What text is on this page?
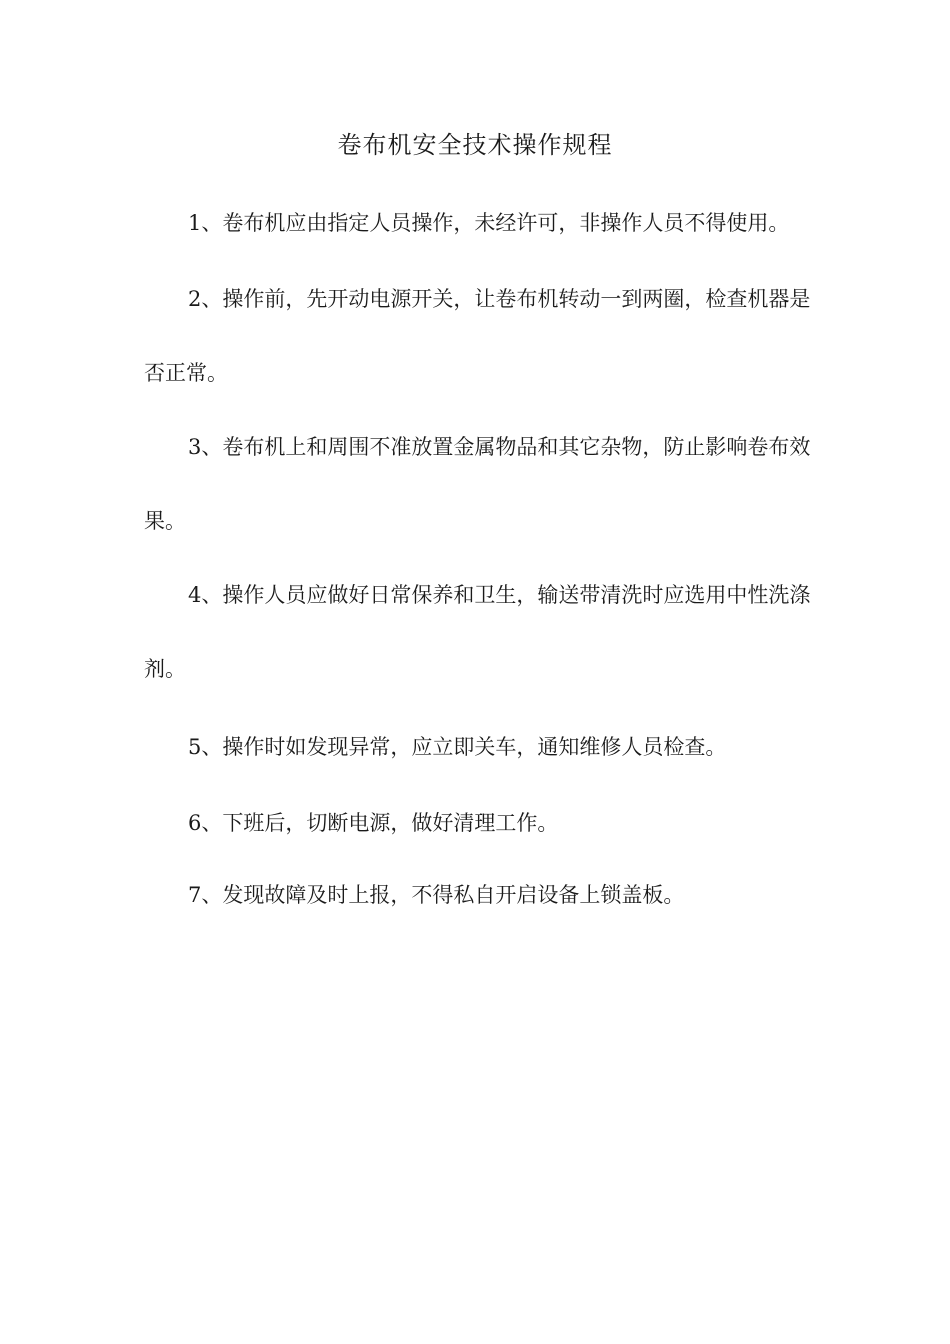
卷布机安全技术操作规程

1、卷布机应由指定人员操作，未经许可，非操作人员不得使用。

2、操作前，先开动电源开关，让卷布机转动一到两圈，检查机器是否正常。

3、卷布机上和周围不准放置金属物品和其它杂物，防止影响卷布效果。

4、操作人员应做好日常保养和卫生，输送带清洗时应选用中性洗涤剂。

5、操作时如发现异常，应立即关车，通知维修人员检查。

6、下班后，切断电源，做好清理工作。

7、发现故障及时上报，不得私自开启设备上锁盖板。
